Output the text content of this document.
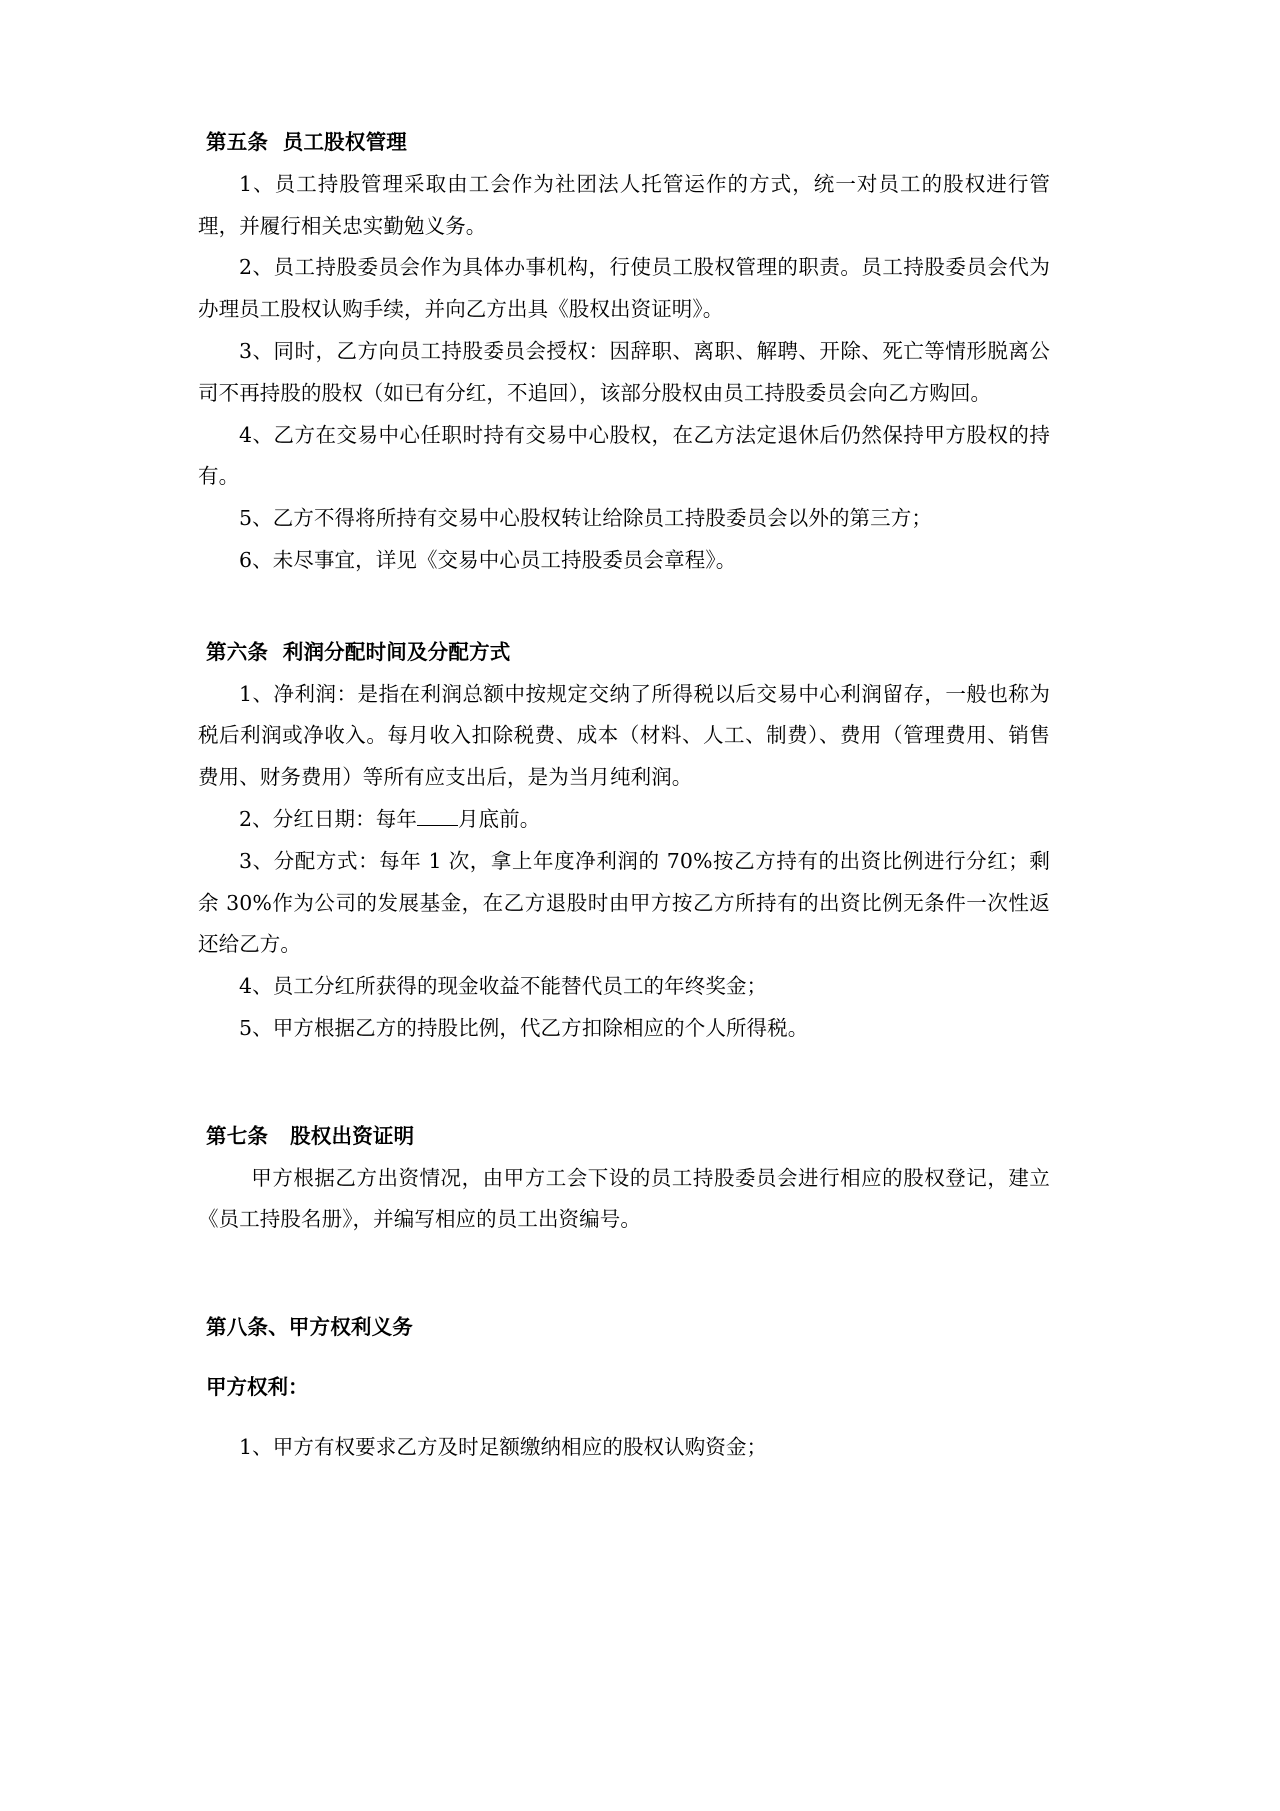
第五条  员工股权管理

1、员工持股管理采取由工会作为社团法人托管运作的方式，统一对员工的股权进行管理，并履行相关忠实勤勉义务。

2、员工持股委员会作为具体办事机构，行使员工股权管理的职责。员工持股委员会代为办理员工股权认购手续，并向乙方出具《股权出资证明》。

3、同时，乙方向员工持股委员会授权：因辞职、离职、解聘、开除、死亡等情形脱离公司不再持股的股权（如已有分红，不追回），该部分股权由员工持股委员会向乙方购回。

4、乙方在交易中心任职时持有交易中心股权，在乙方法定退休后仍然保持甲方股权的持有。

5、乙方不得将所持有交易中心股权转让给除员工持股委员会以外的第三方；

6、未尽事宜，详见《交易中心员工持股委员会章程》。

第六条  利润分配时间及分配方式

1、净利润：是指在利润总额中按规定交纳了所得税以后交易中心利润留存，一般也称为税后利润或净收入。每月收入扣除税费、成本（材料、人工、制费）、费用（管理费用、销售费用、财务费用）等所有应支出后，是为当月纯利润。

2、分红日期：每年 月底前。

3、分配方式：每年 1 次，拿上年度净利润的 70%按乙方持有的出资比例进行分红；剩余 30%作为公司的发展基金，在乙方退股时由甲方按乙方所持有的出资比例无条件一次性返还给乙方。

4、员工分红所获得的现金收益不能替代员工的年终奖金；

5、甲方根据乙方的持股比例，代乙方扣除相应的个人所得税。

第七条   股权出资证明

甲方根据乙方出资情况，由甲方工会下设的员工持股委员会进行相应的股权登记，建立《员工持股名册》，并编写相应的员工出资编号。

第八条、甲方权利义务

甲方权利：

1、甲方有权要求乙方及时足额缴纳相应的股权认购资金；
